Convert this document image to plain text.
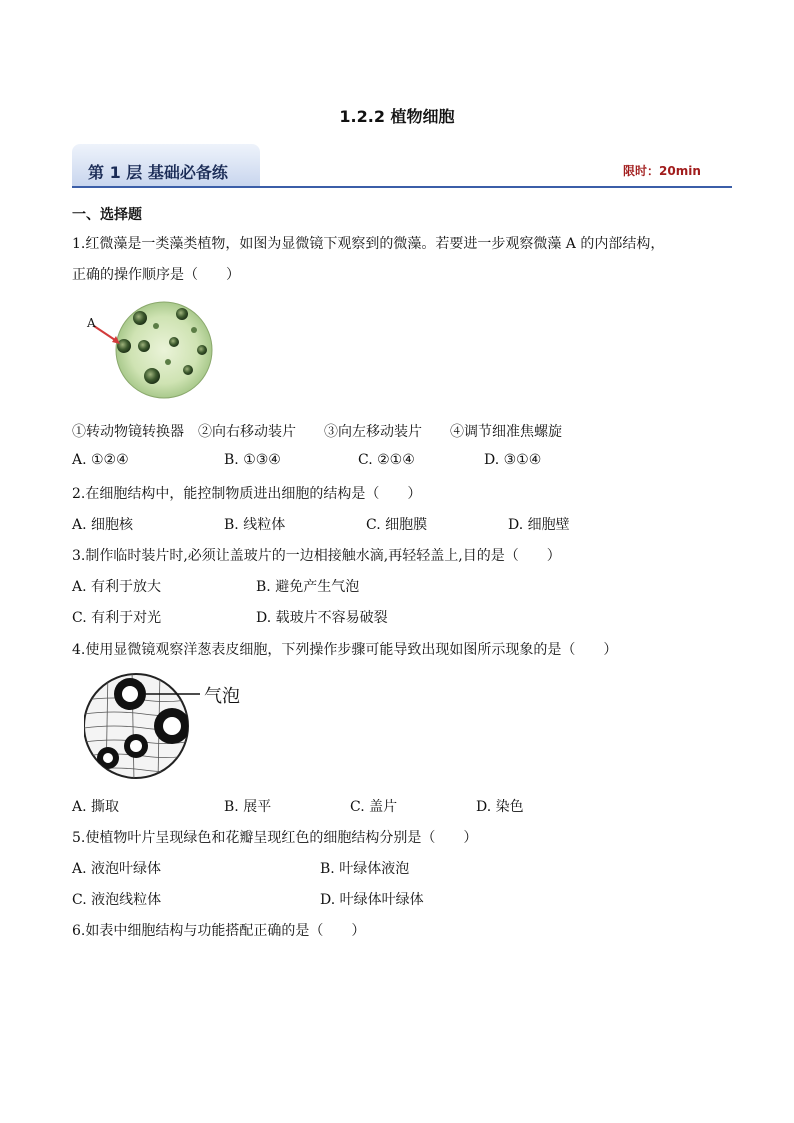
1.2.2 植物细胞
第 1 层 基础必备练	限时：20min
一、选择题
1.红微藻是一类藻类植物，如图为显微镜下观察到的微藻。若要进一步观察微藻 A 的内部结构，
正确的操作顺序是（　　）
A
①转动物镜转换器　②向右移动装片　　③向左移动装片　　④调节细准焦螺旋
A. ①②④	B. ①③④	C. ②①④	D. ③①④
2.在细胞结构中，能控制物质进出细胞的结构是（　　）
A. 细胞核	B. 线粒体	C. 细胞膜	D. 细胞壁
3.制作临时装片时,必须让盖玻片的一边相接触水滴,再轻轻盖上,目的是（　　）
A. 有利于放大	B. 避免产生气泡
C. 有利于对光	D. 载玻片不容易破裂
4.使用显微镜观察洋葱表皮细胞，下列操作步骤可能导致出现如图所示现象的是（　　）
气泡
A. 撕取	B. 展平	C. 盖片	D. 染色
5.使植物叶片呈现绿色和花瓣呈现红色的细胞结构分别是（　　）
A. 液泡叶绿体	B. 叶绿体液泡
C. 液泡线粒体	D. 叶绿体叶绿体
6.如表中细胞结构与功能搭配正确的是（　　）
